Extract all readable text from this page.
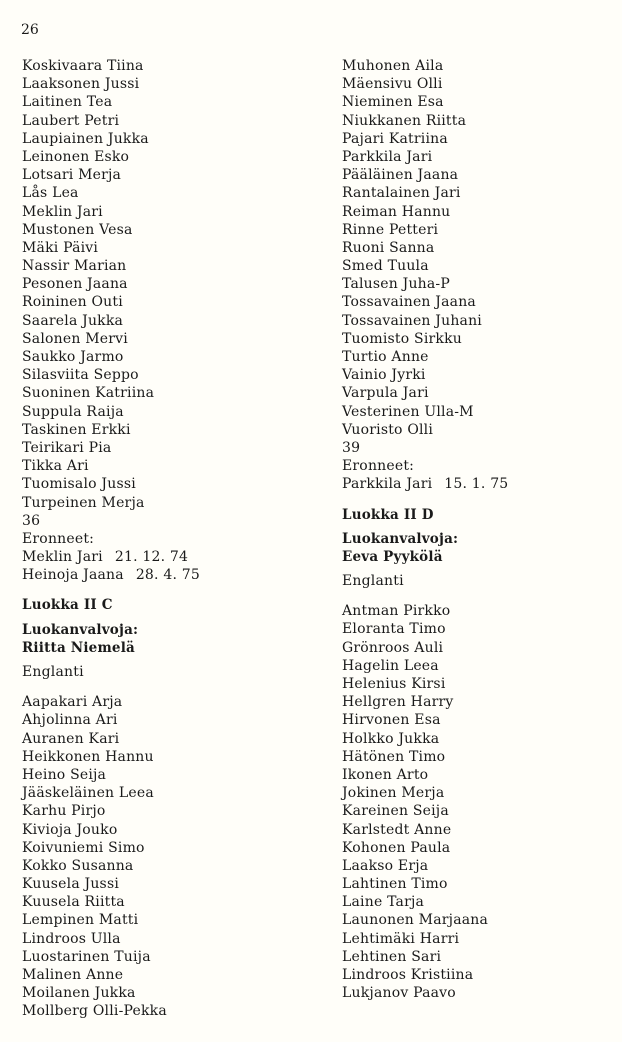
26
Koskivaara Tiina
Laaksonen Jussi
Laitinen Tea
Laubert Petri
Laupiainen Jukka
Leinonen Esko
Lotsari Merja
Lås Lea
Meklin Jari
Mustonen Vesa
Mäki Päivi
Nassir Marian
Pesonen Jaana
Roininen Outi
Saarela Jukka
Salonen Mervi
Saukko Jarmo
Silasviita Seppo
Suoninen Katriina
Suppula Raija
Taskinen Erkki
Teirikari Pia
Tikka Ari
Tuomisalo Jussi
Turpeinen Merja
36
Eronneet:
Meklin Jari 21. 12. 74
Heinoja Jaana 28. 4. 75
Luokka II C
Luokanvalvoja:
Riitta Niemelä
Englanti
Aapakari Arja
Ahjolinna Ari
Auranen Kari
Heikkonen Hannu
Heino Seija
Jääskeläinen Leea
Karhu Pirjo
Kivioja Jouko
Koivuniemi Simo
Kokko Susanna
Kuusela Jussi
Kuusela Riitta
Lempinen Matti
Lindroos Ulla
Luostarinen Tuija
Malinen Anne
Moilanen Jukka
Mollberg Olli-Pekka
Muhonen Aila
Mäensivu Olli
Nieminen Esa
Niukkanen Riitta
Pajari Katriina
Parkkila Jari
Pääläinen Jaana
Rantalainen Jari
Reiman Hannu
Rinne Petteri
Ruoni Sanna
Smed Tuula
Talusen Juha-P
Tossavainen Jaana
Tossavainen Juhani
Tuomisto Sirkku
Turtio Anne
Vainio Jyrki
Varpula Jari
Vesterinen Ulla-M
Vuoristo Olli
39
Eronneet:
Parkkila Jari 15. 1. 75
Luokka II D
Luokanvalvoja:
Eeva Pyykölä
Englanti
Antman Pirkko
Eloranta Timo
Grönroos Auli
Hagelin Leea
Helenius Kirsi
Hellgren Harry
Hirvonen Esa
Holkko Jukka
Hätönen Timo
Ikonen Arto
Jokinen Merja
Kareinen Seija
Karlstedt Anne
Kohonen Paula
Laakso Erja
Lahtinen Timo
Laine Tarja
Launonen Marjaana
Lehtimäki Harri
Lehtinen Sari
Lindroos Kristiina
Lukjanov Paavo
